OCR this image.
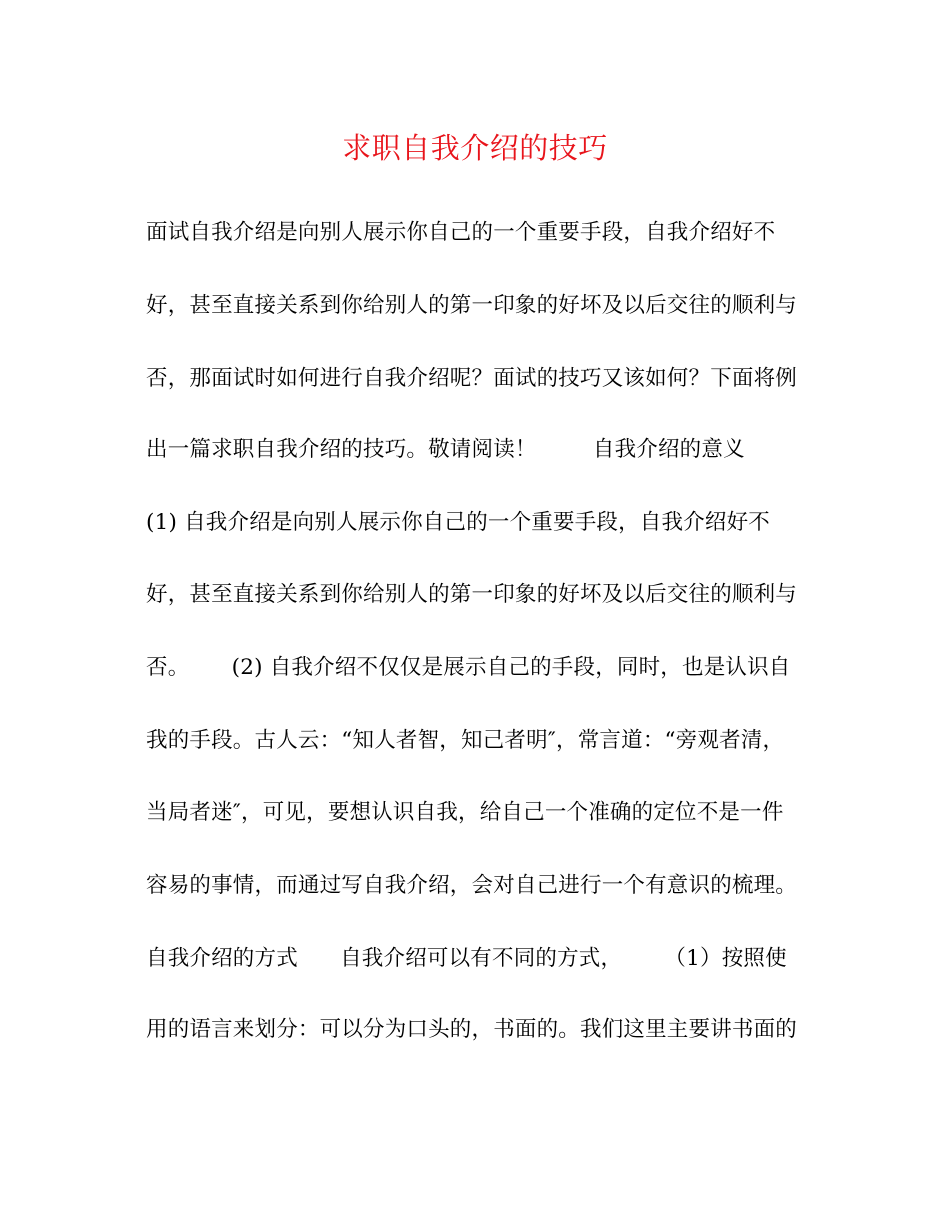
求职自我介绍的技巧
面试自我介绍是向别人展示你自己的一个重要手段，自我介绍好不
好，甚至直接关系到你给别人的第一印象的好坏及以后交往的顺利与
否，那面试时如何进行自我介绍呢？面试的技巧又该如何？下面将例
出一篇求职自我介绍的技巧。敬请阅读！        自我介绍的意义
(1) 自我介绍是向别人展示你自己的一个重要手段，自我介绍好不
好，甚至直接关系到你给别人的第一印象的好坏及以后交往的顺利与
否。      (2) 自我介绍不仅仅是展示自己的手段，同时，也是认识自
我的手段。古人云：“知人者智，知己者明″，常言道：“旁观者清，
当局者迷″，可见，要想认识自我，给自己一个准确的定位不是一件
容易的事情，而通过写自我介绍，会对自己进行一个有意识的梳理。
自我介绍的方式      自我介绍可以有不同的方式，      （1）按照使
用的语言来划分：可以分为口头的，书面的。我们这里主要讲书面的
